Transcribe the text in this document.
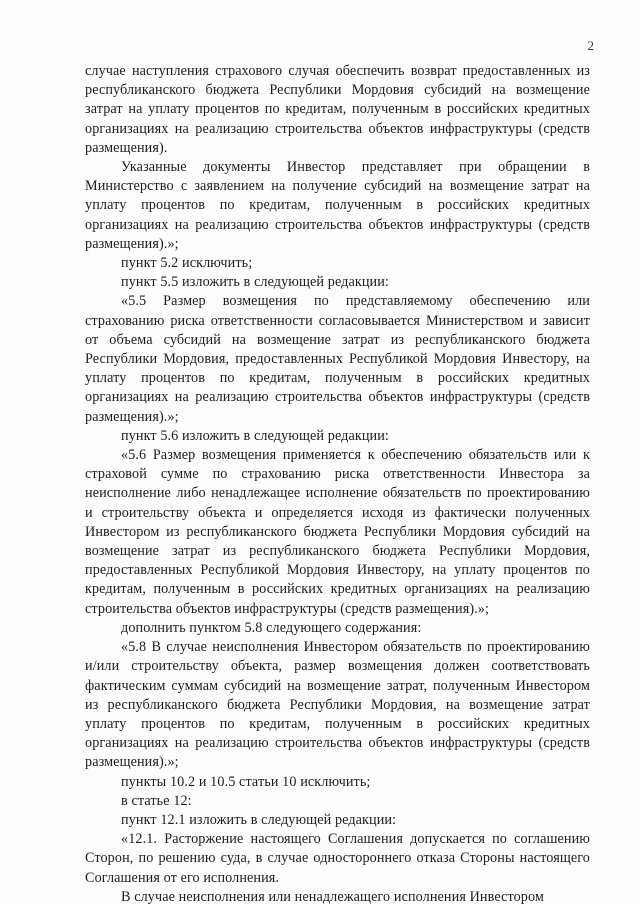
2

случае наступления страхового случая обеспечить возврат предоставленных из республиканского бюджета Республики Мордовия субсидий на возмещение затрат на уплату процентов по кредитам, полученным в российских кредитных организациях на реализацию строительства объектов инфраструктуры (средств размещения).

Указанные документы Инвестор представляет при обращении в Министерство с заявлением на получение субсидий на возмещение затрат на уплату процентов по кредитам, полученным в российских кредитных организациях на реализацию строительства объектов инфраструктуры (средств размещения).»;

пункт 5.2 исключить;

пункт 5.5 изложить в следующей редакции:

«5.5 Размер возмещения по представляемому обеспечению или страхованию риска ответственности согласовывается Министерством и зависит от объема субсидий на возмещение затрат из республиканского бюджета Республики Мордовия, предоставленных Республикой Мордовия Инвестору, на уплату процентов по кредитам, полученным в российских кредитных организациях на реализацию строительства объектов инфраструктуры (средств размещения).»;

пункт 5.6 изложить в следующей редакции:

«5.6 Размер возмещения применяется к обеспечению обязательств или к страховой сумме по страхованию риска ответственности Инвестора за неисполнение либо ненадлежащее исполнение обязательств по проектированию и строительству объекта и определяется исходя из фактически полученных Инвестором из республиканского бюджета Республики Мордовия субсидий на возмещение затрат из республиканского бюджета Республики Мордовия, предоставленных Республикой Мордовия Инвестору, на уплату процентов по кредитам, полученным в российских кредитных организациях на реализацию строительства объектов инфраструктуры (средств размещения).»;

дополнить пунктом 5.8 следующего содержания:

«5.8 В случае неисполнения Инвестором обязательств по проектированию и/или строительству объекта, размер возмещения должен соответствовать фактическим суммам субсидий на возмещение затрат, полученным Инвестором из республиканского бюджета Республики Мордовия, на возмещение затрат уплату процентов по кредитам, полученным в российских кредитных организациях на реализацию строительства объектов инфраструктуры (средств размещения).»;

пункты 10.2 и 10.5 статьи 10 исключить;

в статье 12:

пункт 12.1 изложить в следующей редакции:

«12.1. Расторжение настоящего Соглашения допускается по соглашению Сторон, по решению суда, в случае одностороннего отказа Стороны настоящего Соглашения от его исполнения.

В случае неисполнения или ненадлежащего исполнения Инвестором
